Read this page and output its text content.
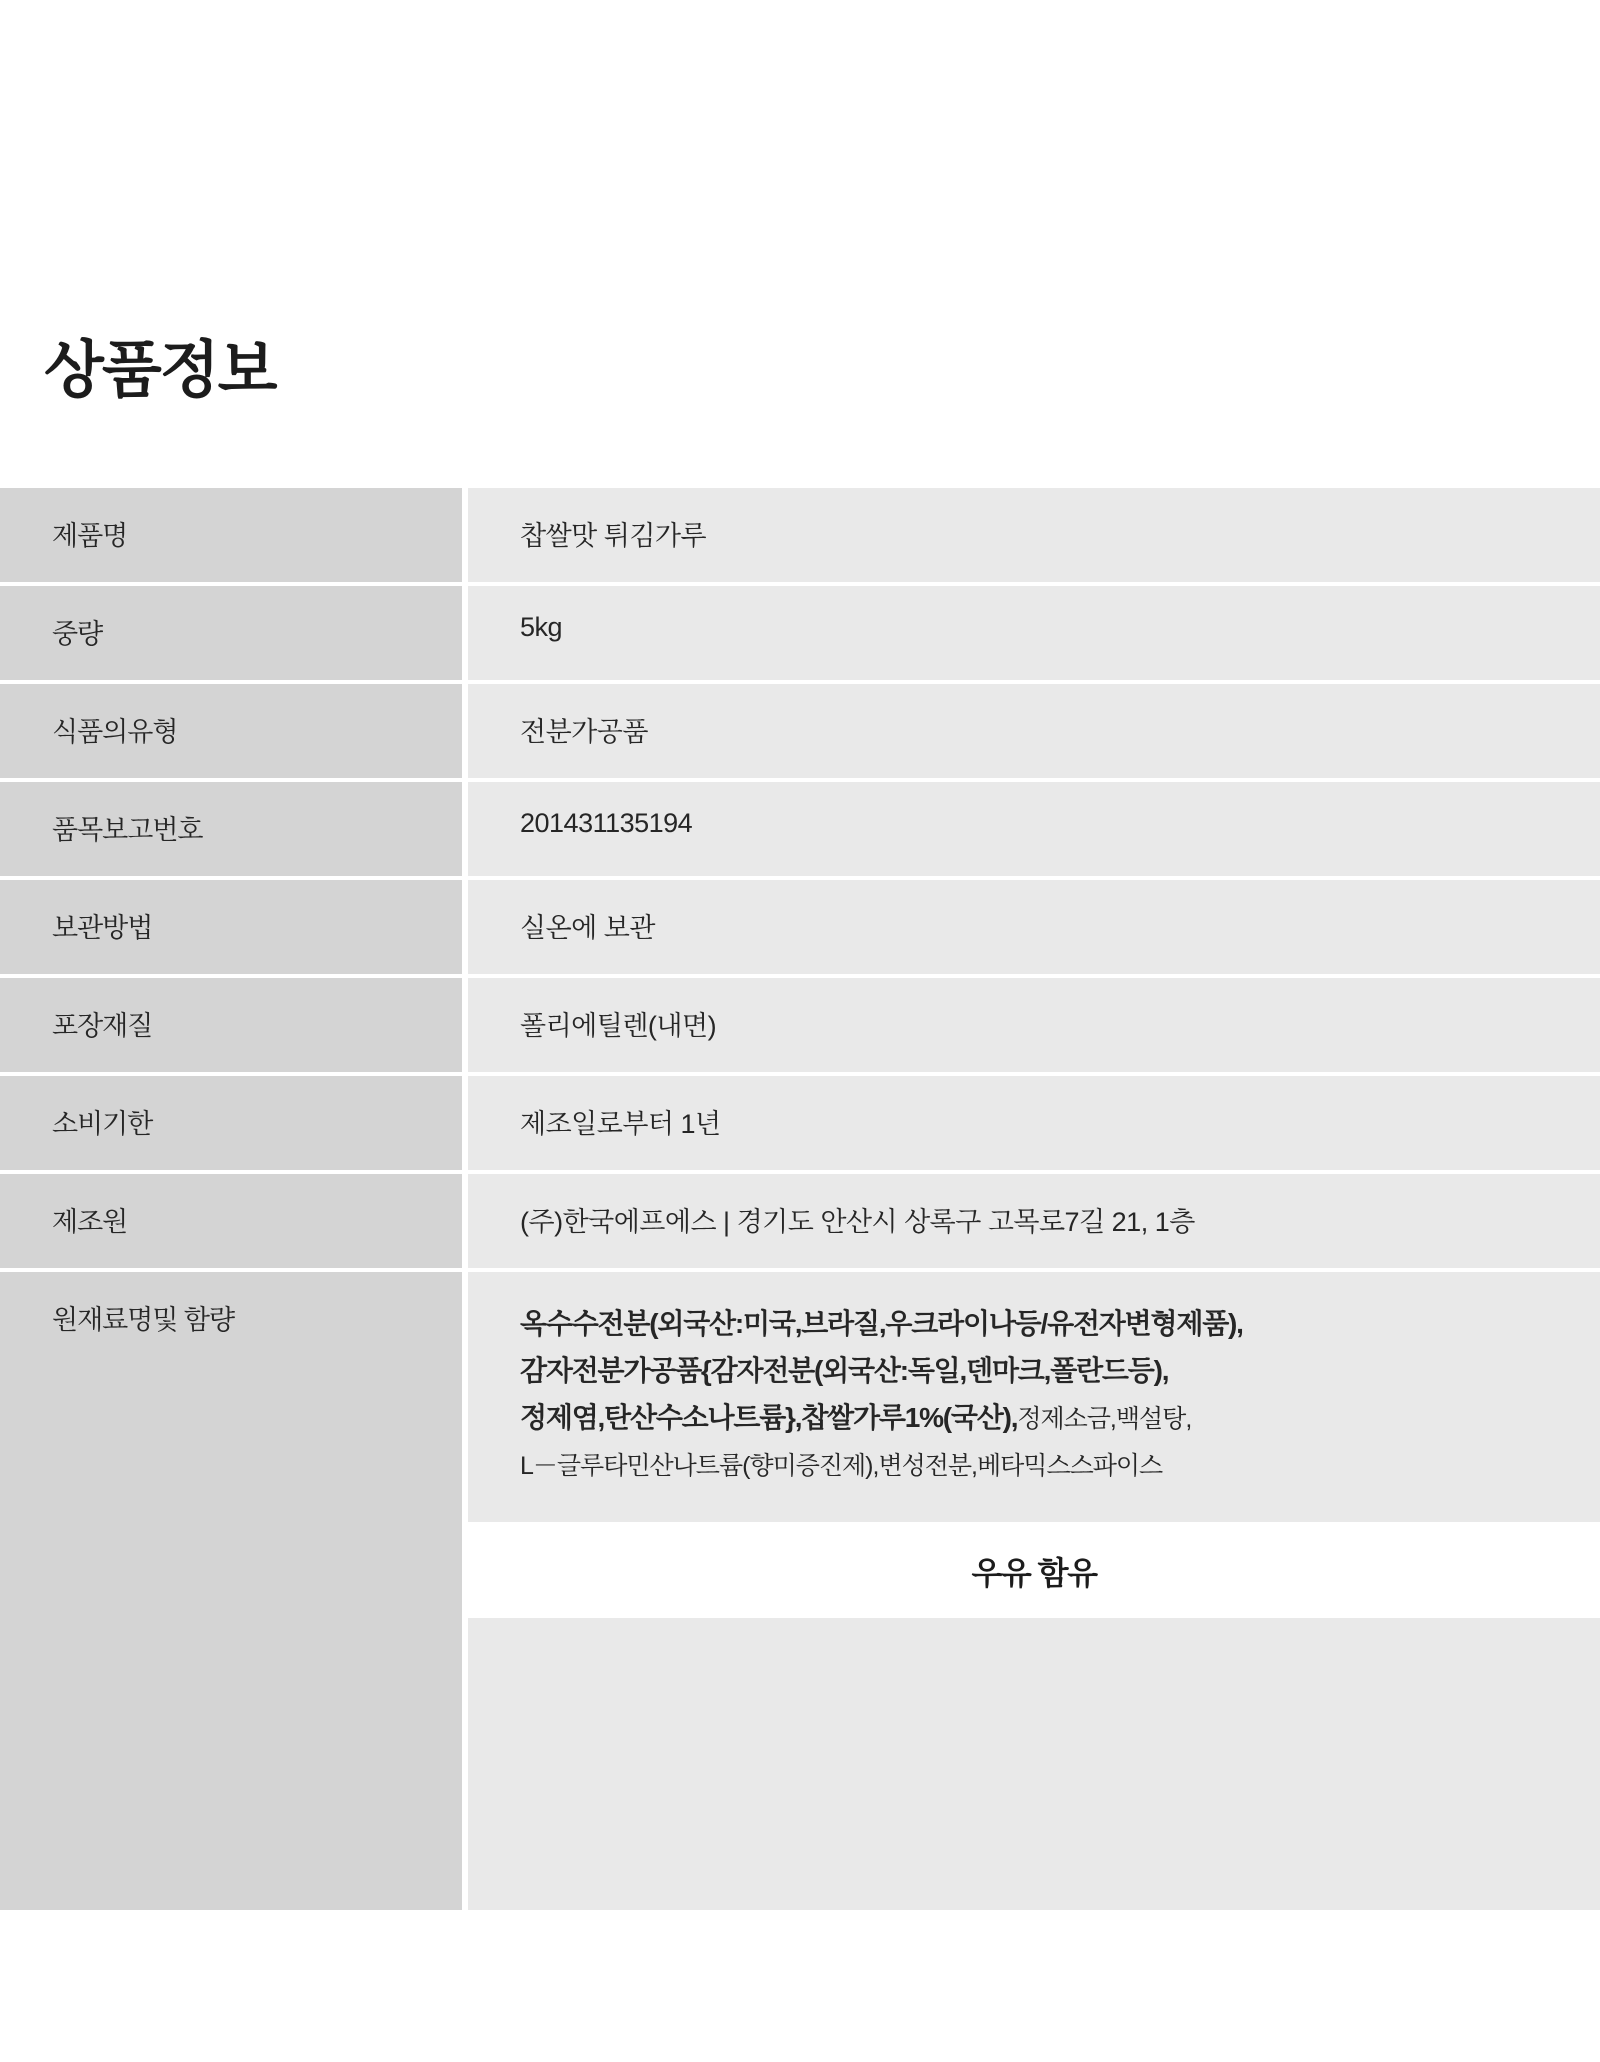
상품정보
제품명	찹쌀맛 튀김가루
중량	5kg
식품의유형	전분가공품
품목보고번호	201431135194
보관방법	실온에 보관
포장재질	폴리에틸렌(내면)
소비기한	제조일로부터 1년
제조원	(주)한국에프에스 | 경기도 안산시 상록구 고목로7길 21, 1층
원재료명및 함량	옥수수전분(외국산:미국,브라질,우크라이나등/유전자변형제품),
감자전분가공품{감자전분(외국산:독일,덴마크,폴란드등),
정제염,탄산수소나트륨},찹쌀가루1%(국산),정제소금,백설탕,
L－글루타민산나트륨(향미증진제),변성전분,베타믹스스파이스

	우유 함유
